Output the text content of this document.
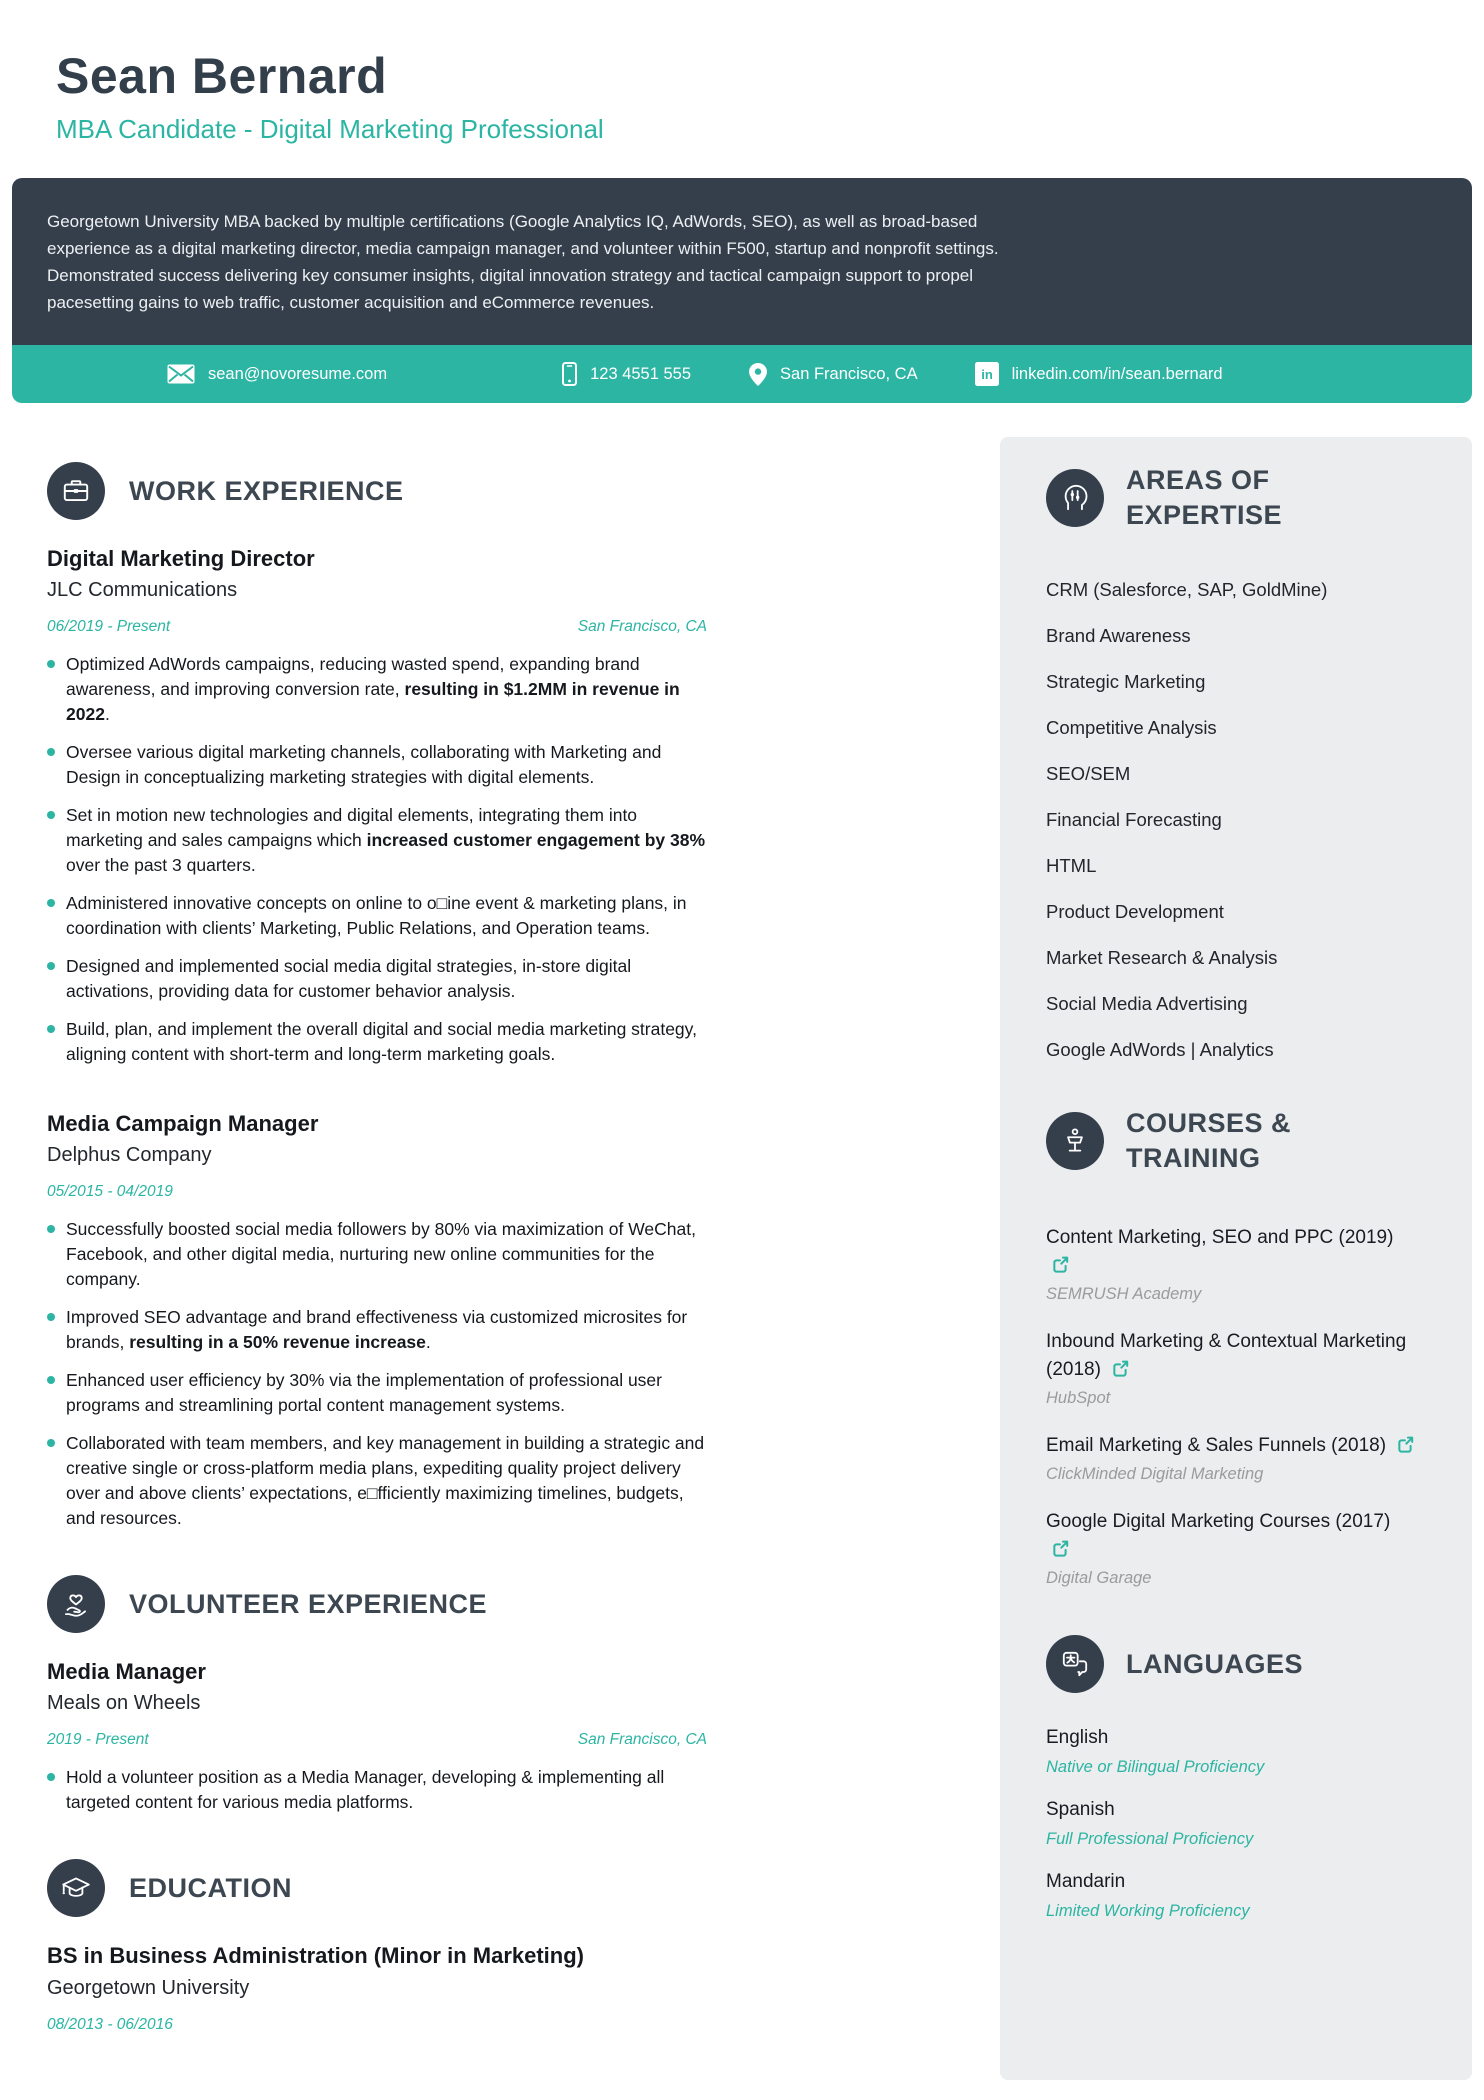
Sean Bernard
MBA Candidate - Digital Marketing Professional

Georgetown University MBA backed by multiple certifications (Google Analytics IQ, AdWords, SEO), as well as broad-based experience as a digital marketing director, media campaign manager, and volunteer within F500, startup and nonprofit settings. Demonstrated success delivering key consumer insights, digital innovation strategy and tactical campaign support to propel pacesetting gains to web traffic, customer acquisition and eCommerce revenues.

sean@novoresume.com	123 4551 555	San Francisco, CA	in linkedin.com/in/sean.bernard
WORK EXPERIENCE
Digital Marketing Director
JLC Communications
06/2019 - Present	San Francisco, CA
Optimized AdWords campaigns, reducing wasted spend, expanding brand awareness, and improving conversion rate, resulting in $1.2MM in revenue in 2022.
Oversee various digital marketing channels, collaborating with Marketing and Design in conceptualizing marketing strategies with digital elements.
Set in motion new technologies and digital elements, integrating them into marketing and sales campaigns which increased customer engagement by 38% over the past 3 quarters.
Administered innovative concepts on online to o□ine event & marketing plans, in coordination with clients’ Marketing, Public Relations, and Operation teams.
Designed and implemented social media digital strategies, in-store digital activations, providing data for customer behavior analysis.
Build, plan, and implement the overall digital and social media marketing strategy, aligning content with short-term and long-term marketing goals.
Media Campaign Manager
Delphus Company
05/2015 - 04/2019
Successfully boosted social media followers by 80% via maximization of WeChat, Facebook, and other digital media, nurturing new online communities for the company.
Improved SEO advantage and brand effectiveness via customized microsites for brands, resulting in a 50% revenue increase.
Enhanced user efficiency by 30% via the implementation of professional user programs and streamlining portal content management systems.
Collaborated with team members, and key management in building a strategic and creative single or cross-platform media plans, expediting quality project delivery over and above clients’ expectations, e□fficiently maximizing timelines, budgets, and resources.
VOLUNTEER EXPERIENCE
Media Manager
Meals on Wheels
2019 - Present	San Francisco, CA
Hold a volunteer position as a Media Manager, developing & implementing all targeted content for various media platforms.
EDUCATION
BS in Business Administration (Minor in Marketing)
Georgetown University
08/2013 - 06/2016
AREAS OF EXPERTISE
CRM (Salesforce, SAP, GoldMine)
Brand Awareness
Strategic Marketing
Competitive Analysis
SEO/SEM
Financial Forecasting
HTML
Product Development
Market Research & Analysis
Social Media Advertising
Google AdWords | Analytics
COURSES & TRAINING
Content Marketing, SEO and PPC (2019)
SEMRUSH Academy
Inbound Marketing & Contextual Marketing (2018)
HubSpot
Email Marketing & Sales Funnels (2018)
ClickMinded Digital Marketing
Google Digital Marketing Courses (2017)
Digital Garage
LANGUAGES
English
Native or Bilingual Proficiency
Spanish
Full Professional Proficiency
Mandarin
Limited Working Proficiency
